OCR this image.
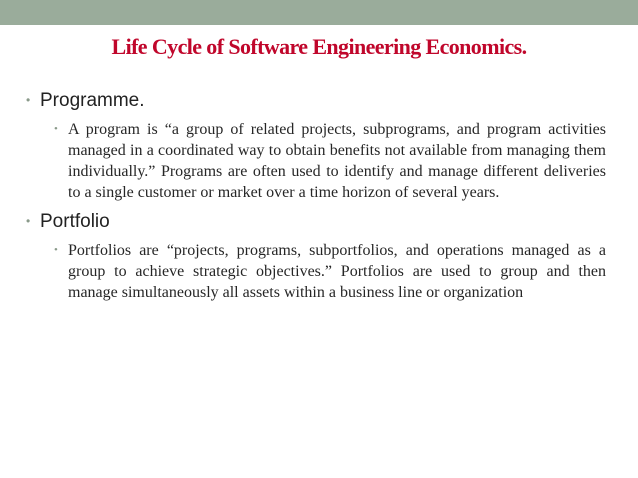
Life Cycle of Software Engineering Economics.
• Programme.
• A program is “a group of related projects, subprograms, and program activities managed in a coordinated way to obtain benefits not available from managing them individually.” Programs are often used to identify and manage different deliveries to a single customer or market over a time horizon of several years.
• Portfolio
• Portfolios are “projects, programs, subportfolios, and operations managed as a group to achieve strategic objectives.” Portfolios are used to group and then manage simultaneously all assets within a business line or organization
